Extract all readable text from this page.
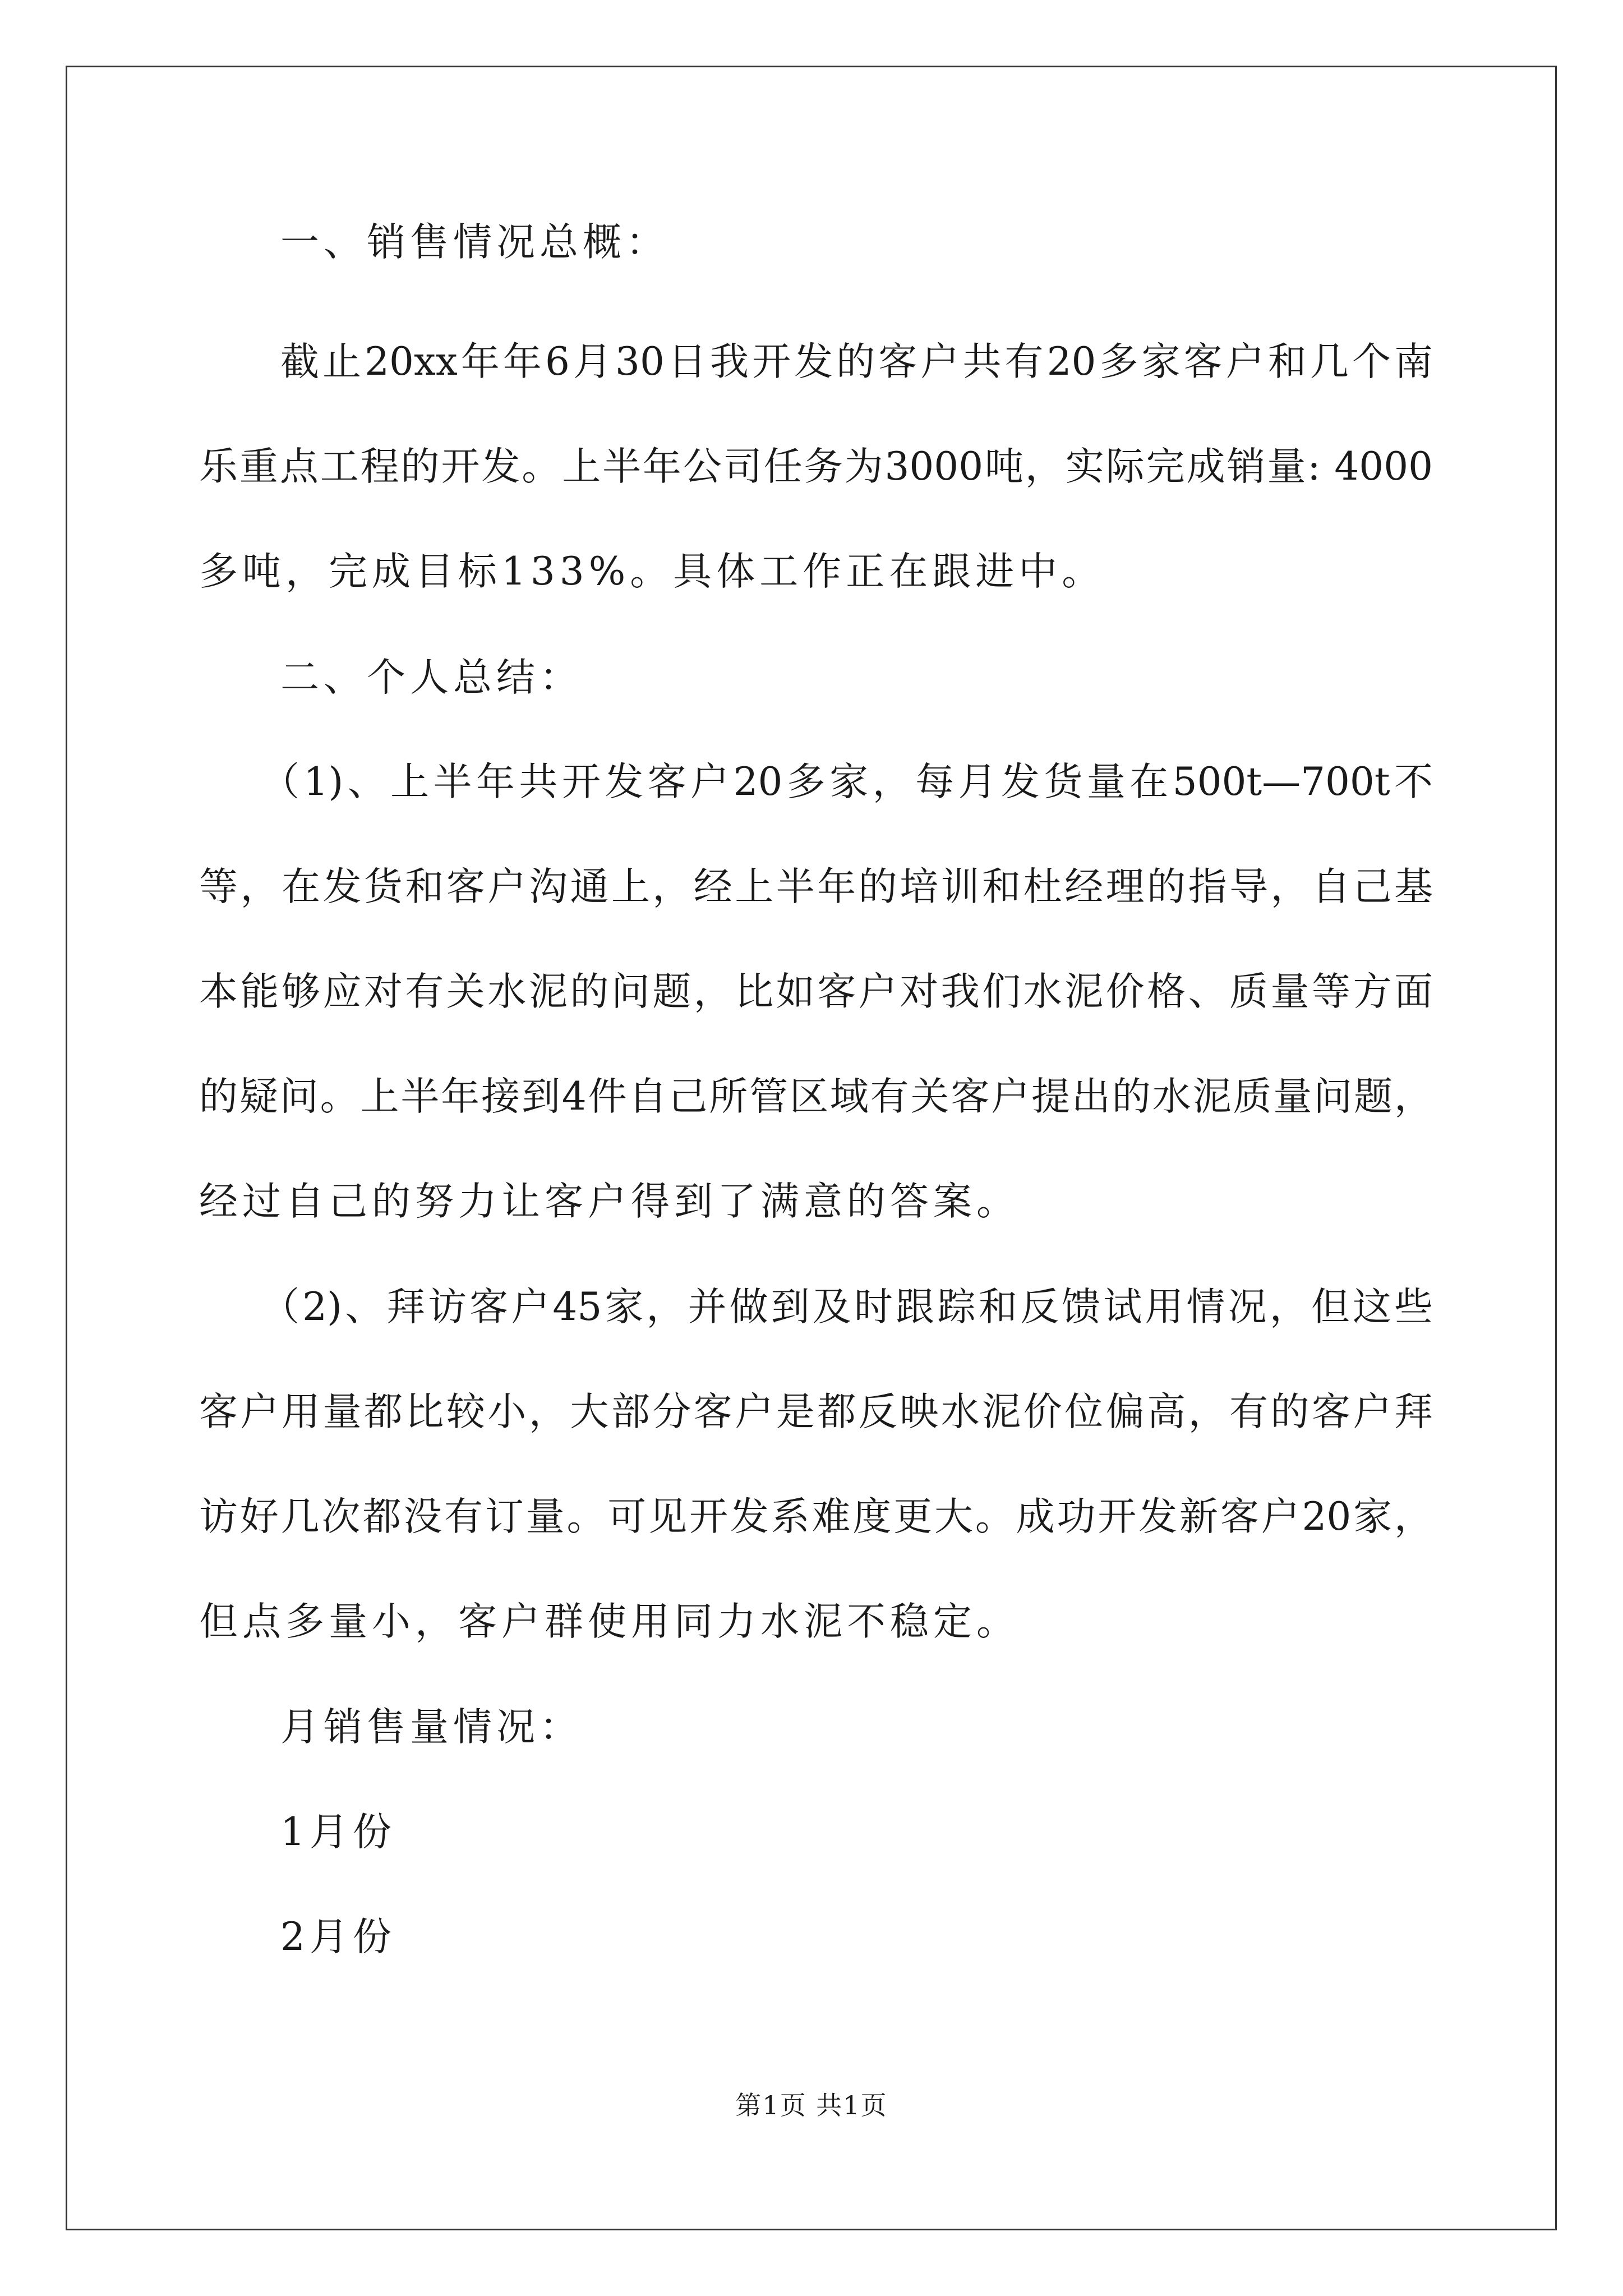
一、销售情况总概：
截止20xx年年6月30日我开发的客户共有20多家客户和几个南
乐重点工程的开发。上半年公司任务为3000吨，实际完成销量: 4000
多吨，完成目标133%。具体工作正在跟进中。
二、个人总结：
（1)、上半年共开发客户20多家，每月发货量在500t—700t不
等，在发货和客户沟通上，经上半年的培训和杜经理的指导，自己基
本能够应对有关水泥的问题，比如客户对我们水泥价格、质量等方面
的疑问。上半年接到4件自己所管区域有关客户提出的水泥质量问题，
经过自己的努力让客户得到了满意的答案。
（2)、拜访客户45家，并做到及时跟踪和反馈试用情况，但这些
客户用量都比较小，大部分客户是都反映水泥价位偏高，有的客户拜
访好几次都没有订量。可见开发系难度更大。成功开发新客户20家，
但点多量小，客户群使用同力水泥不稳定。
月销售量情况：
1月份
2月份
第1页 共1页
